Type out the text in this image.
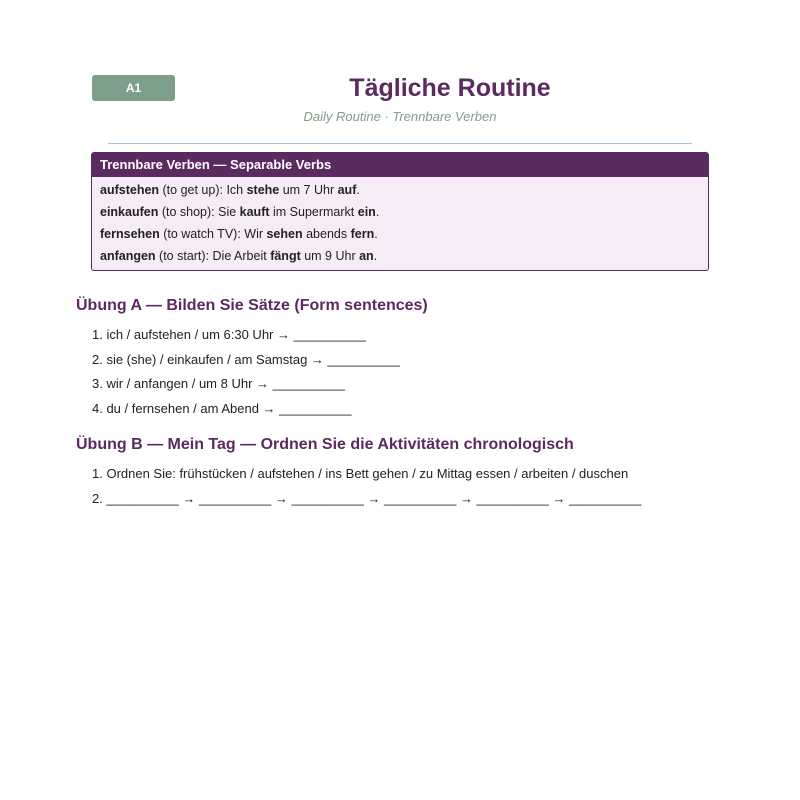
A1	Tägliche Routine
Daily Routine · Trennbare Verben
Trennbare Verben — Separable Verbs
aufstehen (to get up): Ich stehe um 7 Uhr auf.
einkaufen (to shop): Sie kauft im Supermarkt ein.
fernsehen (to watch TV): Wir sehen abends fern.
anfangen (to start): Die Arbeit fängt um 9 Uhr an.
Übung A — Bilden Sie Sätze (Form sentences)
1. ich / aufstehen / um 6:30 Uhr → __________
2. sie (she) / einkaufen / am Samstag → __________
3. wir / anfangen / um 8 Uhr → __________
4. du / fernsehen / am Abend → __________
Übung B — Mein Tag — Ordnen Sie die Aktivitäten chronologisch
1. Ordnen Sie: frühstücken / aufstehen / ins Bett gehen / zu Mittag essen / arbeiten / duschen
2. __________ → __________ → __________ → __________ → __________ → __________
